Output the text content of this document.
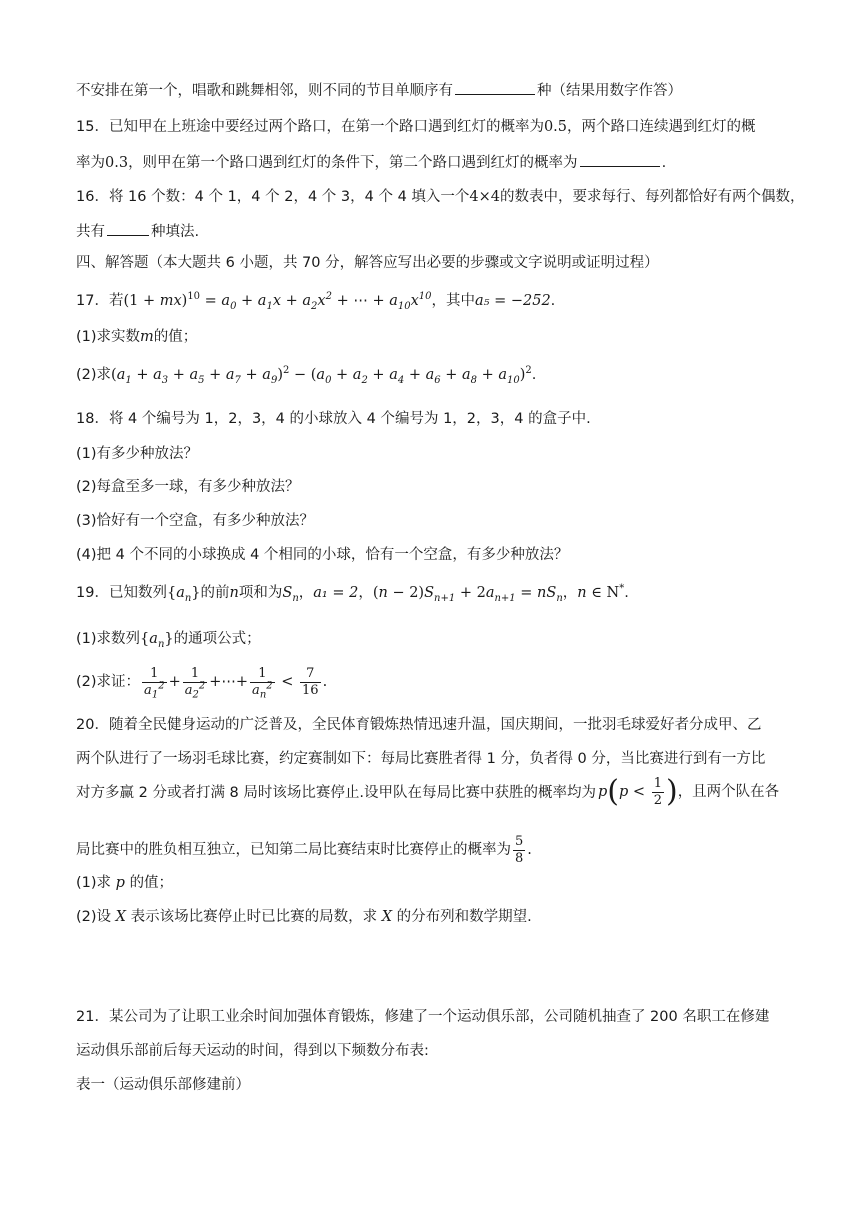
不安排在第一个，唱歌和跳舞相邻，则不同的节目单顺序有	种（结果用数字作答）
15．已知甲在上班途中要经过两个路口，在第一个路口遇到红灯的概率为0.5，两个路口连续遇到红灯的概
率为0.3，则甲在第一个路口遇到红灯的条件下，第二个路口遇到红灯的概率为	.
16．将 16 个数：4 个 1，4 个 2，4 个 3，4 个 4 填入一个4×4的数表中，要求每行、每列都恰好有两个偶数，
共有	种填法.
四、解答题（本大题共 6 小题，共 70 分，解答应写出必要的步骤或文字说明或证明过程）
17．若$(1 + mx)^{10} = a_0 + a_1x + a_2x^2$ + ⋯ + $a_{10}x^{10}$，其中a₅ = −252.
(1)求实数m的值；
(2)求$(a_1 + a_3 + a_5 + a_7 + a_9)^2 - (a_0 + a_2 + a_4 + a_6 + a_8 + a_{10})^2$.
18．将 4 个编号为 1，2，3，4 的小球放入 4 个编号为 1，2，3，4 的盒子中.
(1)有多少种放法？
(2)每盒至多一球，有多少种放法？
(3)恰好有一个空盒，有多少种放法？
(4)把 4 个不同的小球换成 4 个相同的小球，恰有一个空盒，有多少种放法？
19．已知数列$\{a_n\}$的前n项和为$S_n$，a₁ = 2，$(n - 2)S_{n+1} + 2a_{n+1} = nS_n$，n ∈ N*.
(1)求数列$\{a_n\}$的通项公式；
(2)求证： $\frac{1}{a_1^2} + \frac{1}{a_2^2}$ +⋯+ $\frac{1}{a_n^2} < \frac{7}{16}$ .
20．随着全民健身运动的广泛普及，全民体育锻炼热情迅速升温，国庆期间，一批羽毛球爱好者分成甲、乙
两个队进行了一场羽毛球比赛，约定赛制如下：每局比赛胜者得 1 分，负者得 0 分，当比赛进行到有一方比
对方多赢 2 分或者打满 8 局时该场比赛停止.设甲队在每局比赛中获胜的概率均为
局比赛中的胜负相互独立，已知第二局比赛结束时比赛停止的概率为 $\frac{5}{8}$ .
(1)求 p 的值；
(2)设 X 表示该场比赛停止时已比赛的局数，求 X 的分布列和数学期望.
21．某公司为了让职工业余时间加强体育锻炼，修建了一个运动俱乐部，公司随机抽查了 200 名职工在修建
运动俱乐部前后每天运动的时间，得到以下频数分布表:
表一（运动俱乐部修建前）
$p(p < \frac{1}{2}$ )，且两个队在各
